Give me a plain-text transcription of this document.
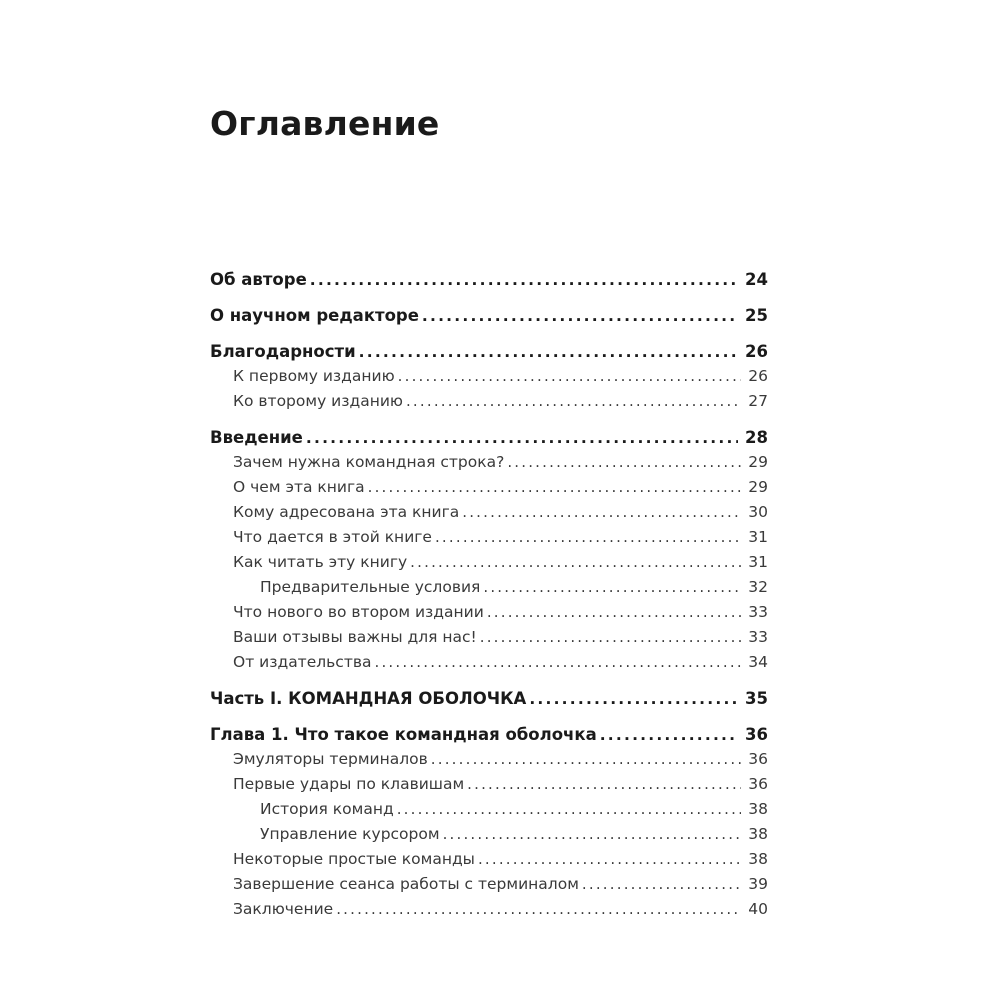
Оглавление
Об авторе .....	24
О научном редакторе .....	25
Благодарности .....	26
К первому изданию .....	26
Ко второму изданию .....	27
Введение .....	28
Зачем нужна командная строка? .....	29
О чем эта книга .....	29
Кому адресована эта книга .....	30
Что дается в этой книге .....	31
Как читать эту книгу .....	31
Предварительные условия .....	32
Что нового во втором издании .....	33
Ваши отзывы важны для нас! .....	33
От издательства .....	34
Часть I. КОМАНДНАЯ ОБОЛОЧКА .....	35
Глава 1. Что такое командная оболочка .....	36
Эмуляторы терминалов .....	36
Первые удары по клавишам .....	36
История команд .....	38
Управление курсором .....	38
Некоторые простые команды .....	38
Завершение сеанса работы с терминалом .....	39
Заключение .....	40
